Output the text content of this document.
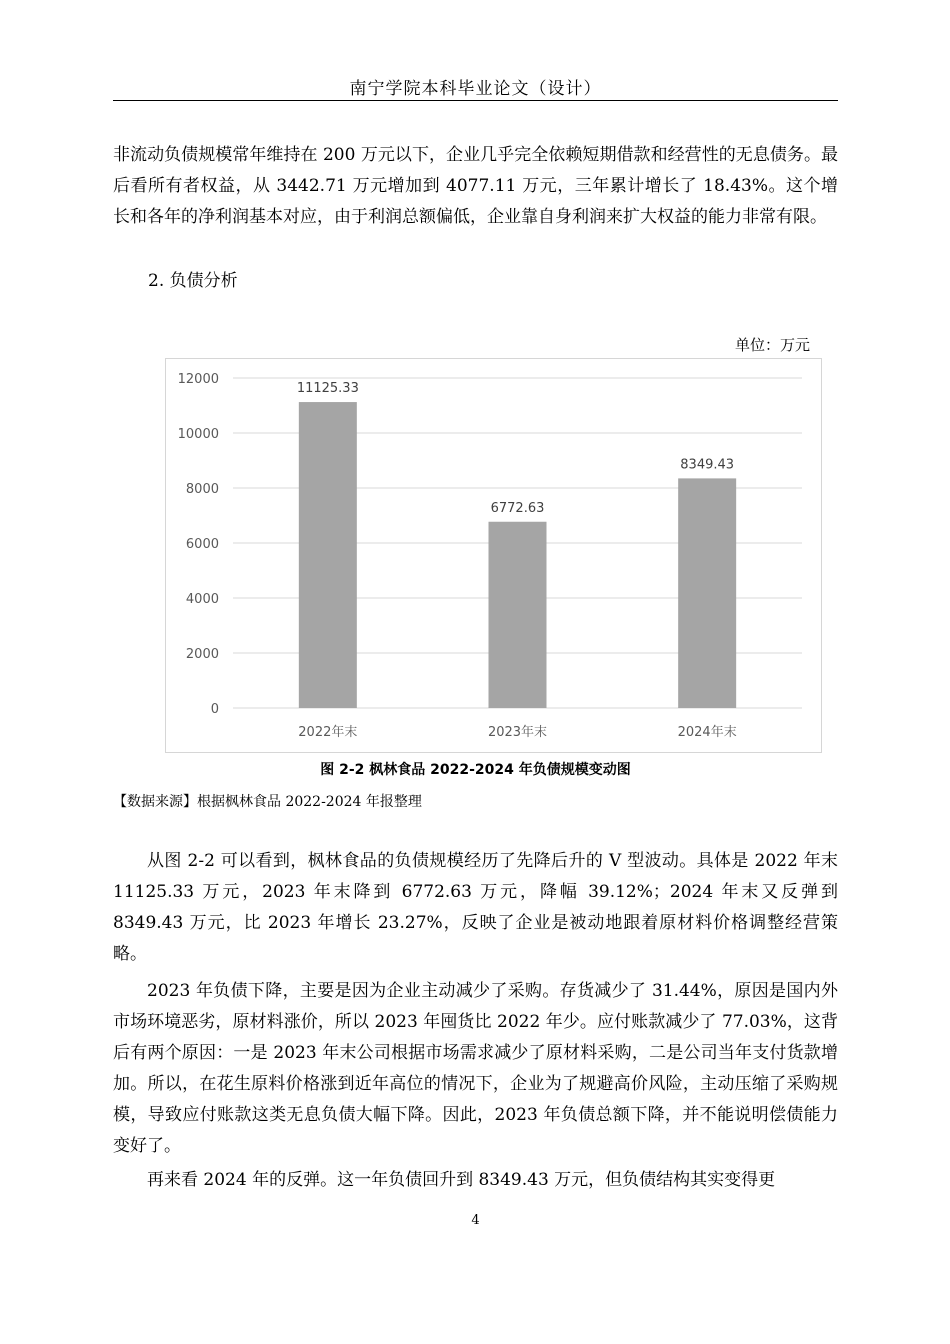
南宁学院本科毕业论文（设计）

非流动负债规模常年维持在 200 万元以下，企业几乎完全依赖短期借款和经营性的无息债务。最后看所有者权益，从 3442.71 万元增加到 4077.11 万元，三年累计增长了 18.43%。这个增长和各年的净利润基本对应，由于利润总额偏低，企业靠自身利润来扩大权益的能力非常有限。

2. 负债分析
单位：万元
0
2000
4000
6000
8000
10000
12000
11125.33
2022年末
6772.63
2023年末
8349.43
2024年末
图 2-2 枫林食品 2022-2024 年负债规模变动图
【数据来源】根据枫林食品 2022-2024 年报整理

从图 2-2 可以看到，枫林食品的负债规模经历了先降后升的 V 型波动。具体是 2022 年末 11125.33 万元，2023 年末降到 6772.63 万元，降幅 39.12%；2024 年末又反弹到 8349.43 万元，比 2023 年增长 23.27%，反映了企业是被动地跟着原材料价格调整经营策略。

2023 年负债下降，主要是因为企业主动减少了采购。存货减少了 31.44%，原因是国内外市场环境恶劣，原材料涨价，所以 2023 年囤货比 2022 年少。应付账款减少了 77.03%，这背后有两个原因：一是 2023 年末公司根据市场需求减少了原材料采购，二是公司当年支付货款增加。所以，在花生原料价格涨到近年高位的情况下，企业为了规避高价风险，主动压缩了采购规模，导致应付账款这类无息负债大幅下降。因此，2023 年负债总额下降，并不能说明偿债能力变好了。

再来看 2024 年的反弹。这一年负债回升到 8349.43 万元，但负债结构其实变得更

4
